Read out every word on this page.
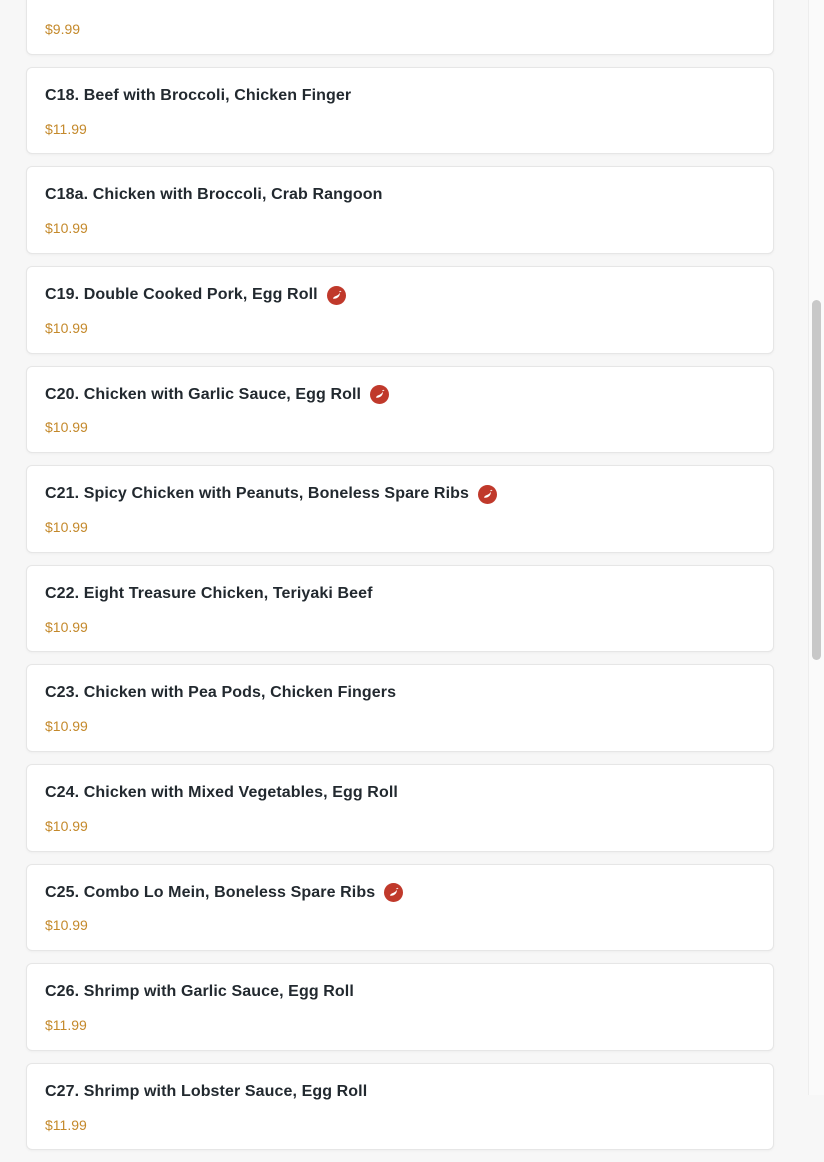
$9.99
C18. Beef with Broccoli, Chicken Finger
$11.99
C18a. Chicken with Broccoli, Crab Rangoon
$10.99
C19. Double Cooked Pork, Egg Roll
$10.99
C20. Chicken with Garlic Sauce, Egg Roll
$10.99
C21. Spicy Chicken with Peanuts, Boneless Spare Ribs
$10.99
C22. Eight Treasure Chicken, Teriyaki Beef
$10.99
C23. Chicken with Pea Pods, Chicken Fingers
$10.99
C24. Chicken with Mixed Vegetables, Egg Roll
$10.99
C25. Combo Lo Mein, Boneless Spare Ribs
$10.99
C26. Shrimp with Garlic Sauce, Egg Roll
$11.99
C27. Shrimp with Lobster Sauce, Egg Roll
$11.99
